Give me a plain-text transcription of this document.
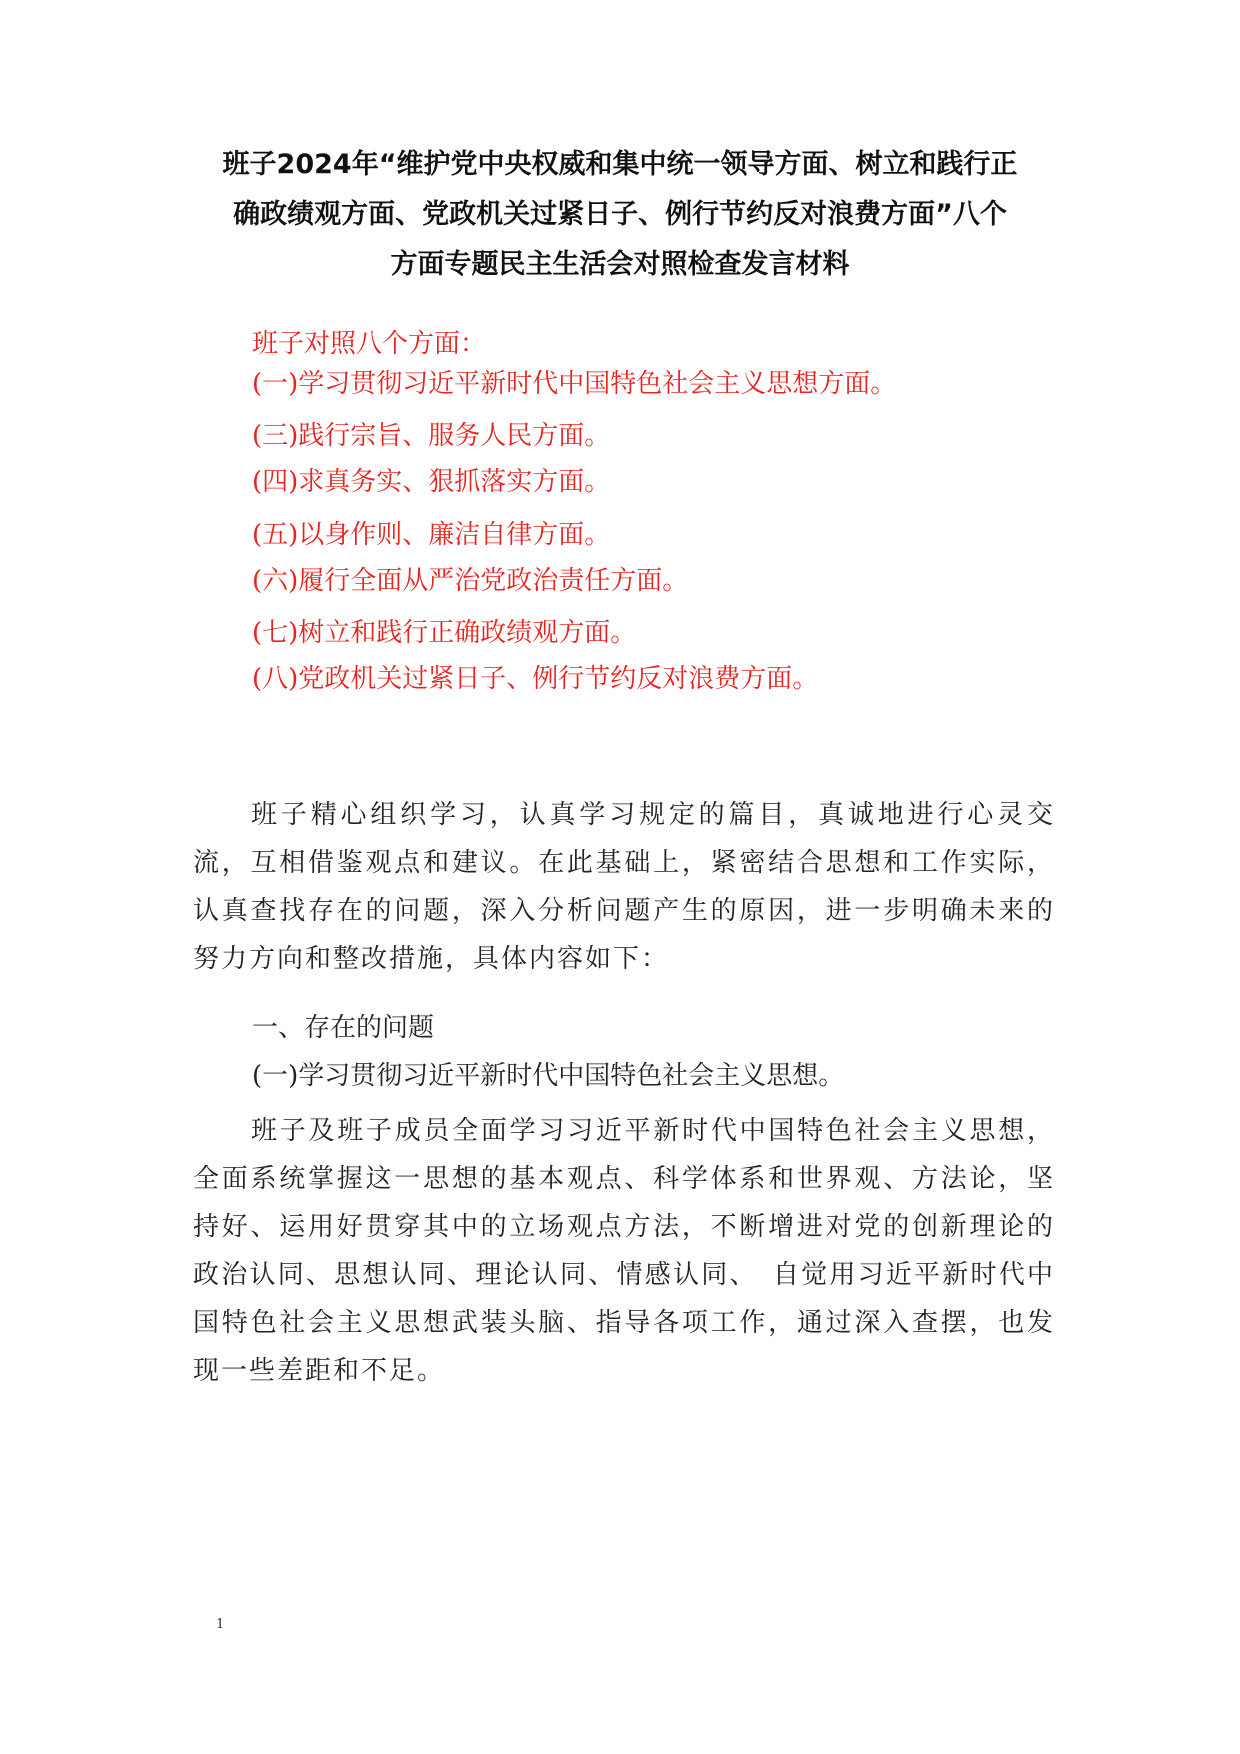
班子2024年“维护党中央权威和集中统一领导方面、树立和践行正
确政绩观方面、党政机关过紧日子、例行节约反对浪费方面”八个
方面专题民主生活会对照检查发言材料
班子对照八个方面：
(一)学习贯彻习近平新时代中国特色社会主义思想方面。
(三)践行宗旨、服务人民方面。
(四)求真务实、狠抓落实方面。
(五)以身作则、廉洁自律方面。
(六)履行全面从严治党政治责任方面。
(七)树立和践行正确政绩观方面。
(八)党政机关过紧日子、例行节约反对浪费方面。

班子精心组织学习，认真学习规定的篇目，真诚地进行心灵交流，互相借鉴观点和建议。在此基础上，紧密结合思想和工作实际，认真查找存在的问题，深入分析问题产生的原因，进一步明确未来的努力方向和整改措施，具体内容如下：

一、存在的问题
(一)学习贯彻习近平新时代中国特色社会主义思想。

班子及班子成员全面学习习近平新时代中国特色社会主义思想，全面系统掌握这一思想的基本观点、科学体系和世界观、方法论，坚持好、运用好贯穿其中的立场观点方法，不断增进对党的创新理论的政治认同、思想认同、理论认同、情感认同、　自觉用习近平新时代中国特色社会主义思想武装头脑、指导各项工作，通过深入查摆，也发现一些差距和不足。

1
